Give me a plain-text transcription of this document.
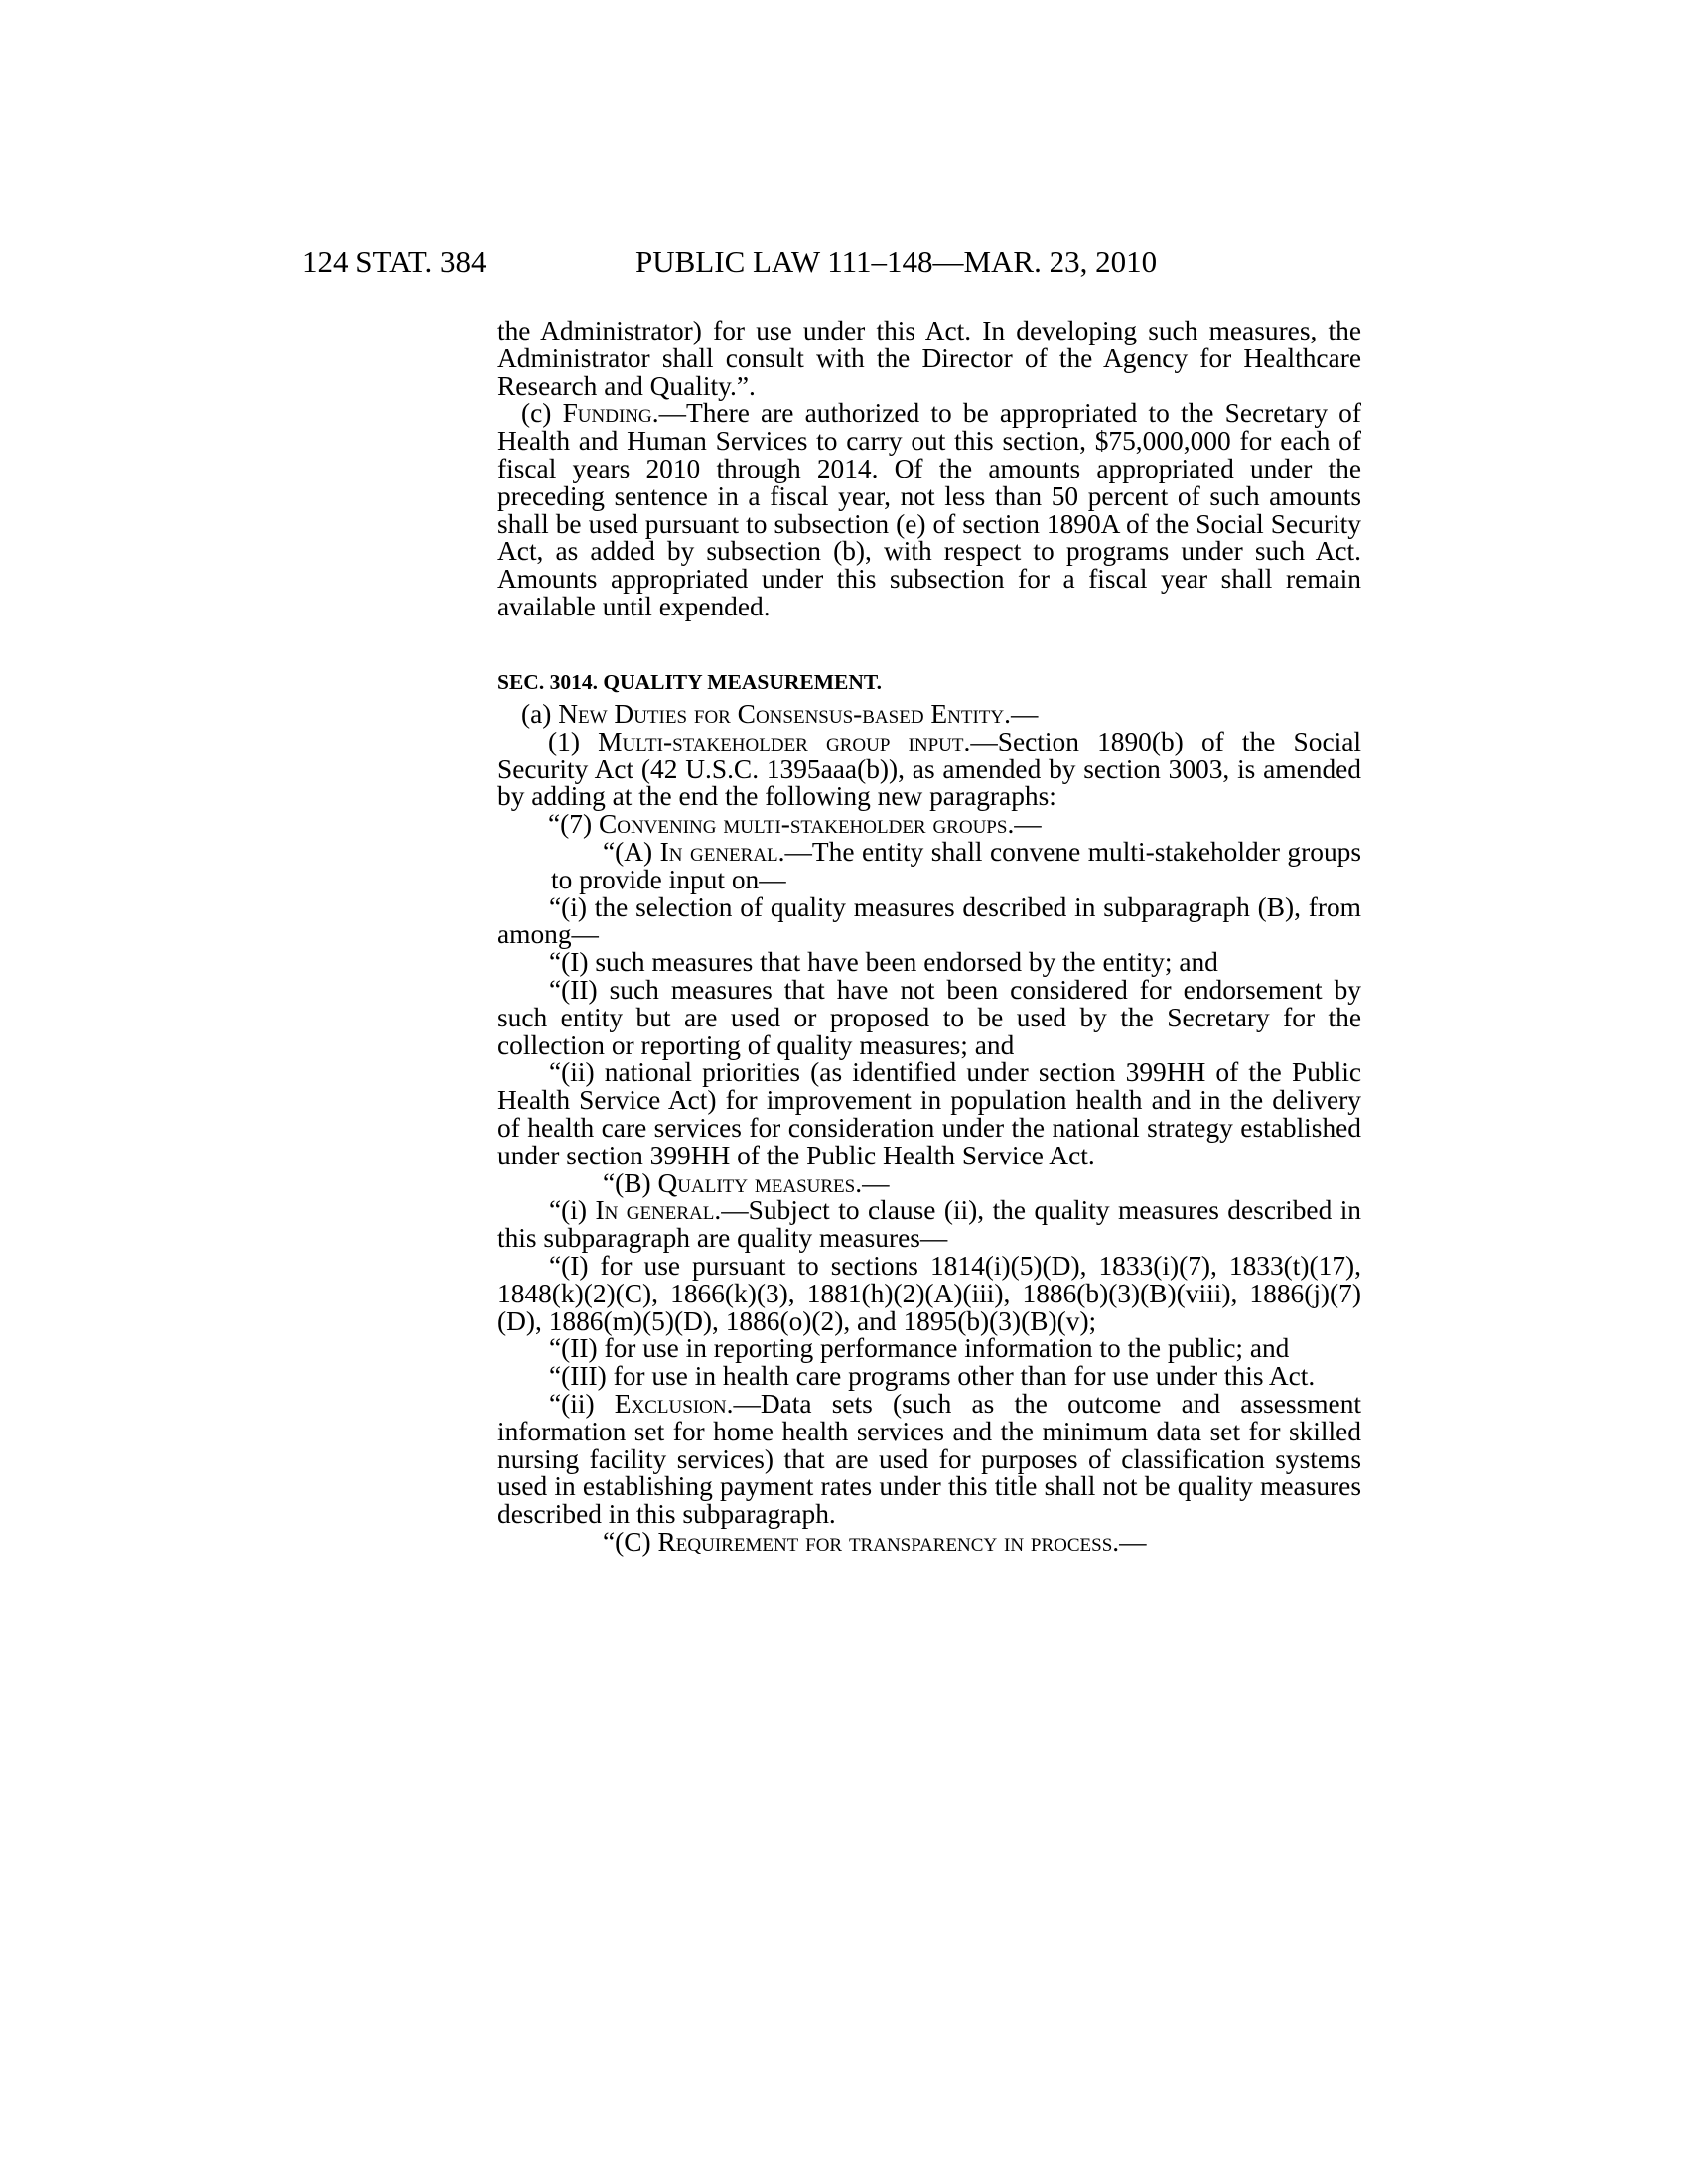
124 STAT. 384	PUBLIC LAW 111–148—MAR. 23, 2010

the Administrator) for use under this Act. In developing such measures, the Administrator shall consult with the Director of the Agency for Healthcare Research and Quality.”.

(c) Funding.—There are authorized to be appropriated to the Secretary of Health and Human Services to carry out this section, $75,000,000 for each of fiscal years 2010 through 2014. Of the amounts appropriated under the preceding sentence in a fiscal year, not less than 50 percent of such amounts shall be used pursuant to subsection (e) of section 1890A of the Social Security Act, as added by subsection (b), with respect to programs under such Act. Amounts appropriated under this subsection for a fiscal year shall remain available until expended.

SEC. 3014. QUALITY MEASUREMENT.

(a) New Duties for Consensus-based Entity.—

(1) Multi-stakeholder group input.—Section 1890(b) of the Social Security Act (42 U.S.C. 1395aaa(b)), as amended by section 3003, is amended by adding at the end the following new paragraphs:

“(7) Convening multi-stakeholder groups.—

“(A) In general.—The entity shall convene multi-stakeholder groups to provide input on—

“(i) the selection of quality measures described in subparagraph (B), from among—

“(I) such measures that have been endorsed by the entity; and

“(II) such measures that have not been considered for endorsement by such entity but are used or proposed to be used by the Secretary for the collection or reporting of quality measures; and

“(ii) national priorities (as identified under section 399HH of the Public Health Service Act) for improvement in population health and in the delivery of health care services for consideration under the national strategy established under section 399HH of the Public Health Service Act.

“(B) Quality measures.—

“(i) In general.—Subject to clause (ii), the quality measures described in this subparagraph are quality measures—

“(I) for use pursuant to sections 1814(i)(5)(D), 1833(i)(7), 1833(t)(17), 1848(k)(2)(C), 1866(k)(3), 1881(h)(2)(A)(iii), 1886(b)(3)(B)(viii), 1886(j)(7)(D), 1886(m)(5)(D), 1886(o)(2), and 1895(b)(3)(B)(v);

“(II) for use in reporting performance information to the public; and

“(III) for use in health care programs other than for use under this Act.

“(ii) Exclusion.—Data sets (such as the outcome and assessment information set for home health services and the minimum data set for skilled nursing facility services) that are used for purposes of classification systems used in establishing payment rates under this title shall not be quality measures described in this subparagraph.

“(C) Requirement for transparency in process.—
